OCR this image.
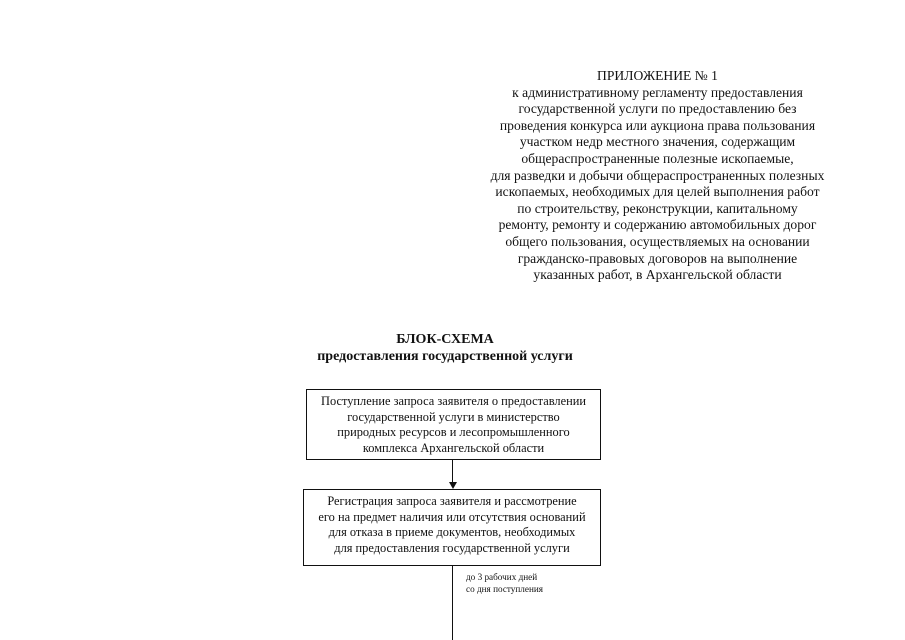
ПРИЛОЖЕНИЕ № 1
к административному регламенту предоставления
государственной услуги по предоставлению без
проведения конкурса или аукциона права пользования
участком недр местного значения, содержащим
общераспространенные полезные ископаемые,
для разведки и добычи общераспространенных полезных
ископаемых, необходимых для целей выполнения работ
по строительству, реконструкции, капитальному
ремонту, ремонту и содержанию автомобильных дорог
общего пользования, осуществляемых на основании
гражданско-правовых договоров на выполнение
указанных работ, в Архангельской области
БЛОК-СХЕМА
предоставления государственной услуги
Поступление запроса заявителя о предоставлении
государственной услуги в министерство
природных ресурсов и лесопромышленного
комплекса Архангельской области
Регистрация запроса заявителя и рассмотрение
его на предмет наличия или отсутствия оснований
для отказа в приеме документов, необходимых
для предоставления государственной услуги
до 3 рабочих дней
со дня поступления
